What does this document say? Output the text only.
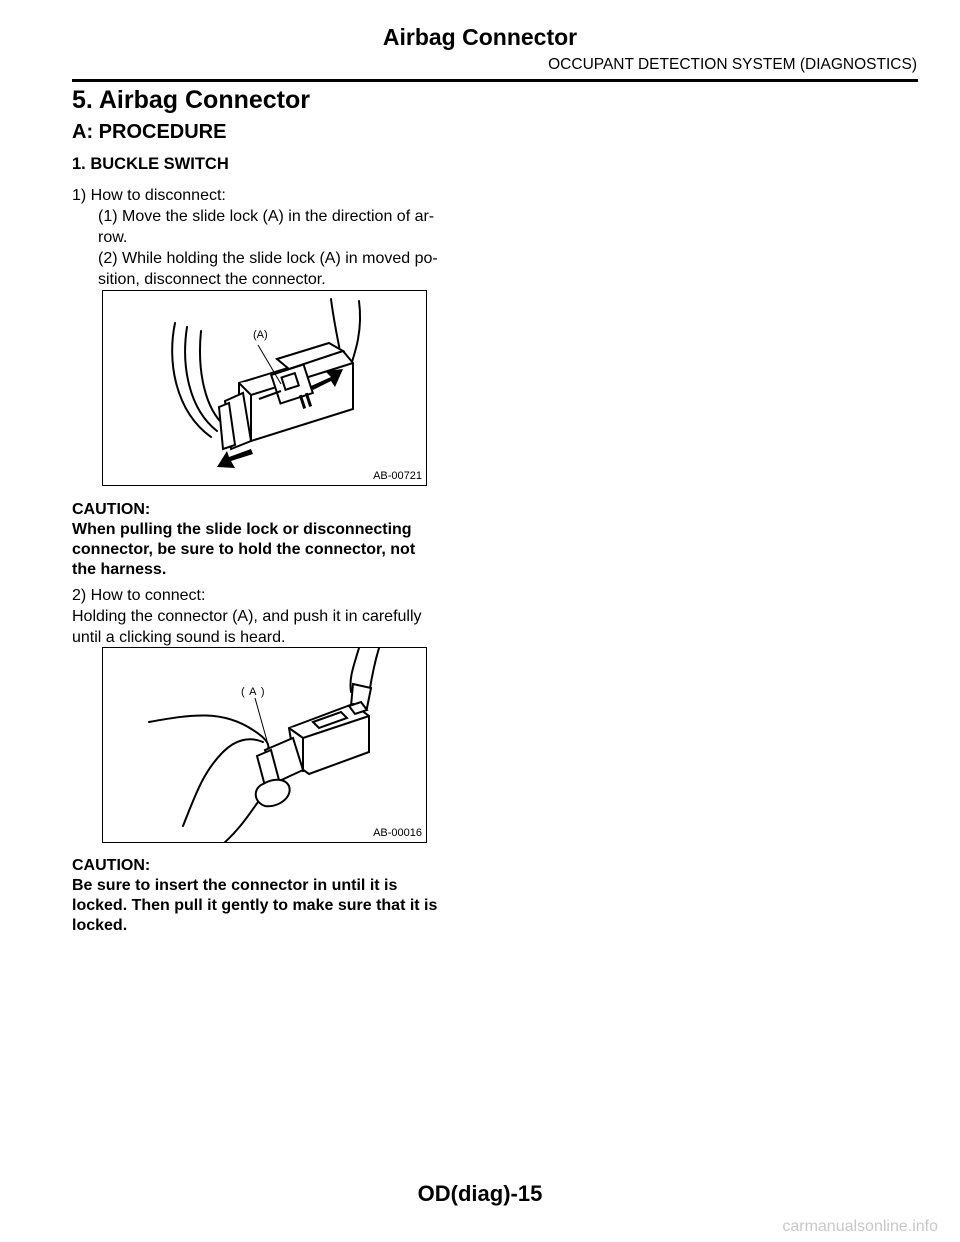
Airbag Connector
OCCUPANT DETECTION SYSTEM (DIAGNOSTICS)
5. Airbag Connector
A: PROCEDURE
1. BUCKLE SWITCH
1) How to disconnect:
(1) Move the slide lock (A) in the direction of ar-
row.
(2) While holding the slide lock (A) in moved po-
sition, disconnect the connector.
(A)
AB-00721
CAUTION:
When pulling the slide lock or disconnecting
connector, be sure to hold the connector, not
the harness.
2) How to connect:
Holding the connector (A), and push it in carefully
until a clicking sound is heard.
( A )
AB-00016
CAUTION:
Be sure to insert the connector in until it is
locked. Then pull it gently to make sure that it is
locked.
OD(diag)-15
carmanualsonline.info
